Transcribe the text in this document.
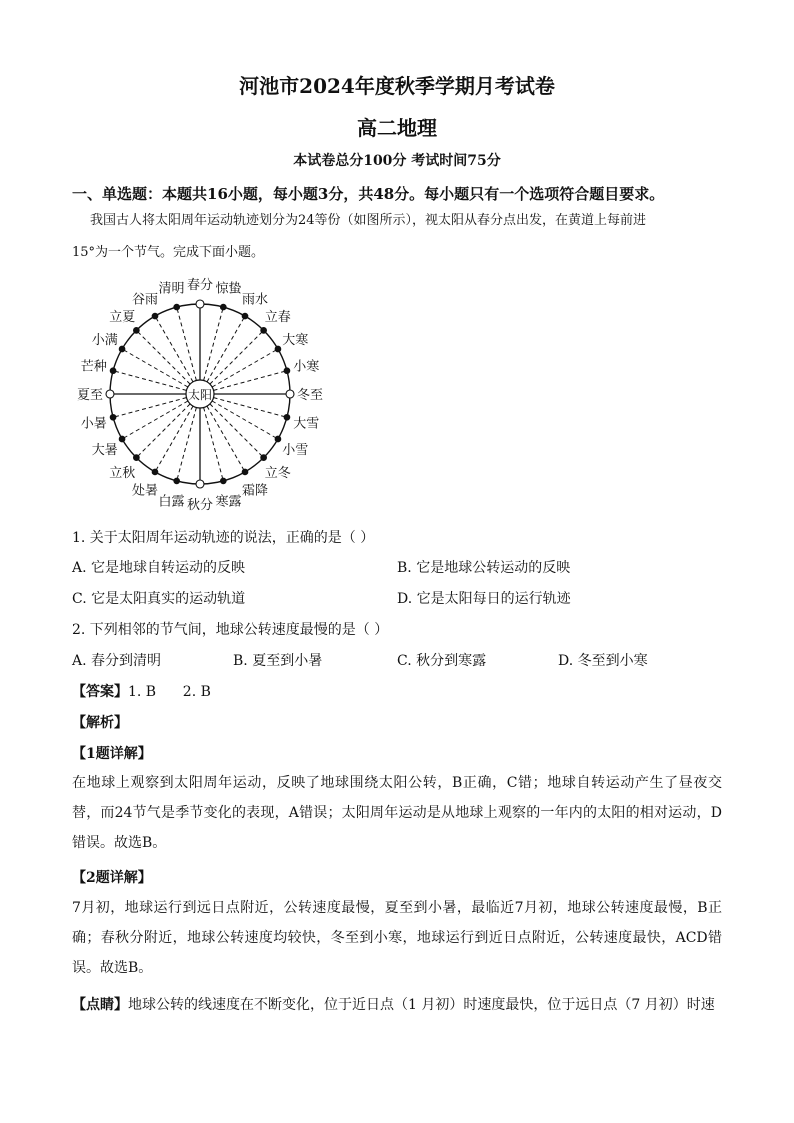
河池市2024年度秋季学期月考试卷
高二地理
本试卷总分100分 考试时间75分
一、单选题：本题共16小题，每小题3分，共48分。每小题只有一个选项符合题目要求。
我国古人将太阳周年运动轨迹划分为24等份（如图所示），视太阳从春分点出发，在黄道上每前进
15°为一个节气。完成下面小题。
太阳
春分 惊蛰
雨水
立春
大寒
小寒
冬至
大雪
小雪
立冬
霜降
寒露
秋分
白露
处暑
立秋
大暑
小暑
夏至
芒种
小满
立夏
谷雨
清明
1. 关于太阳周年运动轨迹的说法，正确的是（ ）
A. 它是地球自转运动的反映	B. 它是地球公转运动的反映
C. 它是太阳真实的运动轨道	D. 它是太阳每日的运行轨迹
2. 下列相邻的节气间，地球公转速度最慢的是（ ）
A. 春分到清明	B. 夏至到小暑	C. 秋分到寒露	D. 冬至到小寒
【答案】1. B      2. B
【解析】
【1题详解】
在地球上观察到太阳周年运动，反映了地球围绕太阳公转，B正确，C错；地球自转运动产生了昼夜交替，而24节气是季节变化的表现，A错误；太阳周年运动是从地球上观察的一年内的太阳的相对运动，D错误。故选B。
【2题详解】
7月初，地球运行到远日点附近，公转速度最慢，夏至到小暑，最临近7月初，地球公转速度最慢，B正确；春秋分附近，地球公转速度均较快，冬至到小寒，地球运行到近日点附近，公转速度最快，ACD错误。故选B。
【点睛】地球公转的线速度在不断变化，位于近日点（1 月初）时速度最快，位于远日点（7 月初）时速
